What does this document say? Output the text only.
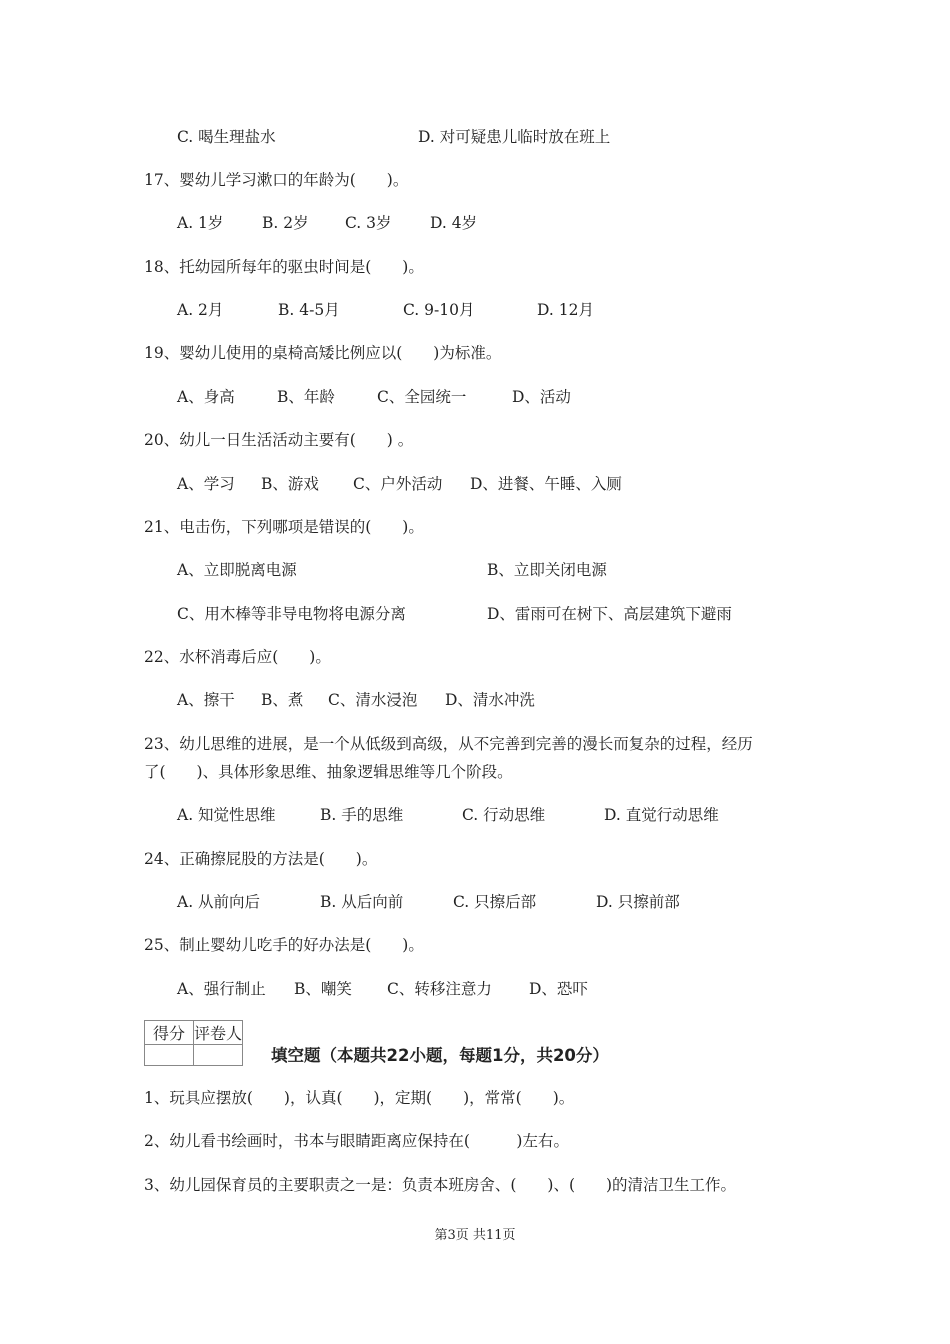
C. 喝生理盐水	D. 对可疑患儿临时放在班上
17、婴幼儿学习漱口的年龄为(　　)。
A. 1岁 B. 2岁 C. 3岁 D. 4岁
18、托幼园所每年的驱虫时间是(　　)。
A. 2月	B. 4-5月	C. 9-10月	D. 12月
19、婴幼儿使用的桌椅高矮比例应以(　　)为标准。
A、身高	B、年龄	C、全园统一	D、活动
20、幼儿一日生活活动主要有(　　) 。
A、学习 B、游戏 C、户外活动 D、进餐、午睡、入厕
21、电击伤，下列哪项是错误的(　　)。
A、立即脱离电源	B、立即关闭电源
C、用木棒等非导电物将电源分离	D、雷雨可在树下、高层建筑下避雨
22、水杯消毒后应(　　)。
A、擦干 B、煮 C、清水浸泡 D、清水冲洗
23、幼儿思维的进展，是一个从低级到高级，从不完善到完善的漫长而复杂的过程，经历
了(　　)、具体形象思维、抽象逻辑思维等几个阶段。
A. 知觉性思维	B. 手的思维	C. 行动思维	D. 直觉行动思维
24、正确擦屁股的方法是(　　)。
A. 从前向后	B. 从后向前	C. 只擦后部	D. 只擦前部
25、制止婴幼儿吃手的好办法是(　　)。
A、强行制止 B、嘲笑 C、转移注意力 D、恐吓
得分	评卷人

填空题（本题共22小题，每题1分，共20分）
1、玩具应摆放(　　)，认真(　　)，定期(　　)，常常(　　)。
2、幼儿看书绘画时，书本与眼睛距离应保持在(　　　)左右。
3、幼儿园保育员的主要职责之一是：负责本班房舍、(　　)、(　　)的清洁卫生工作。
第3页 共11页
